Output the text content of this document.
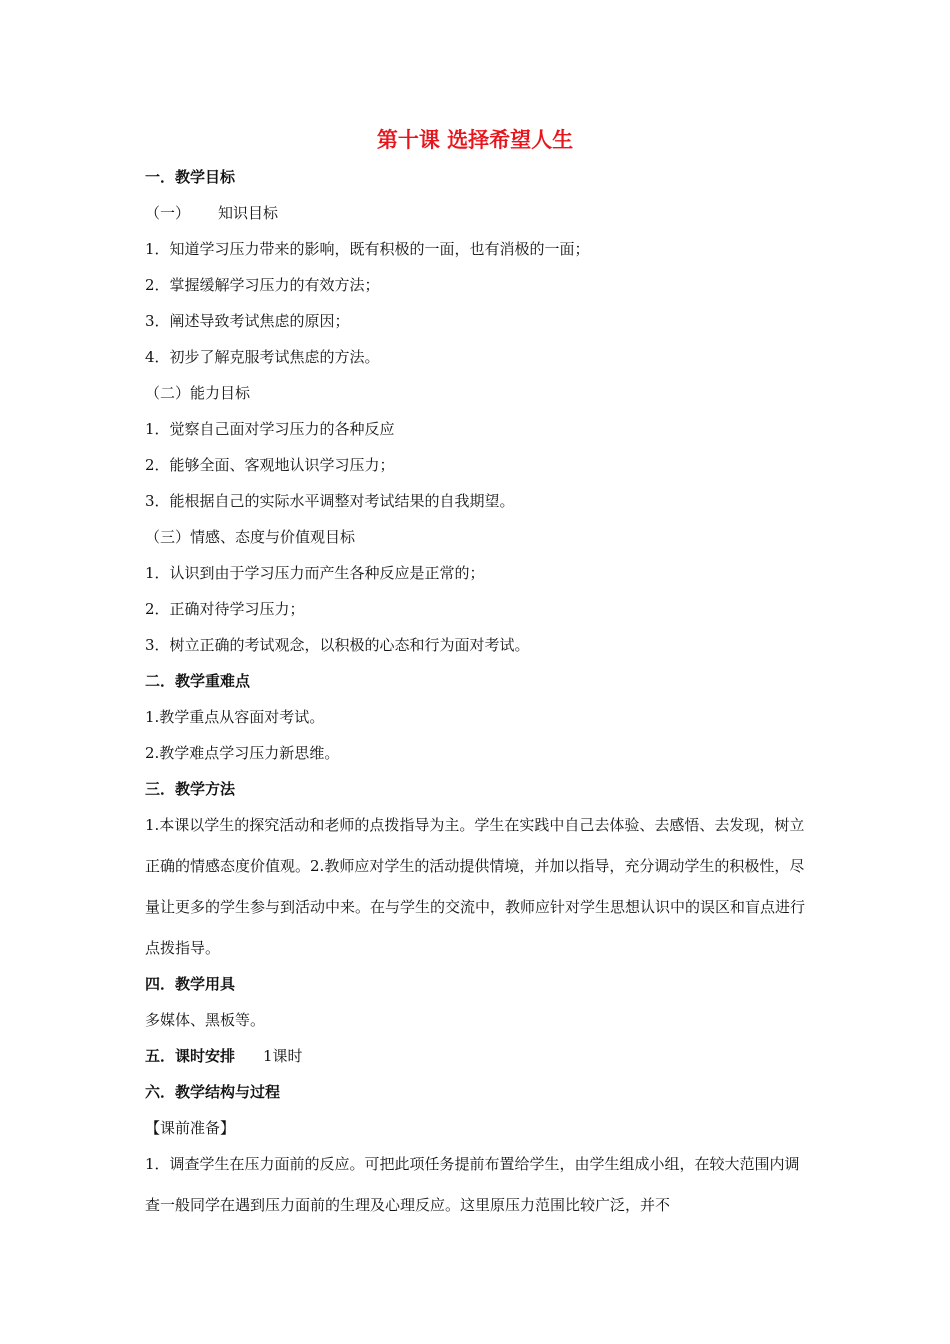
第十课 选择希望人生
一．教学目标
（一） 知识目标
1．知道学习压力带来的影响，既有积极的一面，也有消极的一面；
2．掌握缓解学习压力的有效方法；
3．阐述导致考试焦虑的原因；
4．初步了解克服考试焦虑的方法。
（二）能力目标
1．觉察自己面对学习压力的各种反应
2．能够全面、客观地认识学习压力；
3．能根据自己的实际水平调整对考试结果的自我期望。
（三）情感、态度与价值观目标
1．认识到由于学习压力而产生各种反应是正常的；
2．正确对待学习压力；
3．树立正确的考试观念，以积极的心态和行为面对考试。
二．教学重难点
1.教学重点从容面对考试。
2.教学难点学习压力新思维。
三．教学方法

1.本课以学生的探究活动和老师的点拨指导为主。学生在实践中自己去体验、去感悟、去发现，树立正确的情感态度价值观。2.教师应对学生的活动提供情境，并加以指导，充分调动学生的积极性，尽量让更多的学生参与到活动中来。在与学生的交流中，教师应针对学生思想认识中的误区和盲点进行点拨指导。

四．教学用具
多媒体、黑板等。
五．课时安排 1课时
六．教学结构与过程
【课前准备】

1．调查学生在压力面前的反应。可把此项任务提前布置给学生，由学生组成小组，在较大范围内调查一般同学在遇到压力面前的生理及心理反应。这里原压力范围比较广泛，并不
